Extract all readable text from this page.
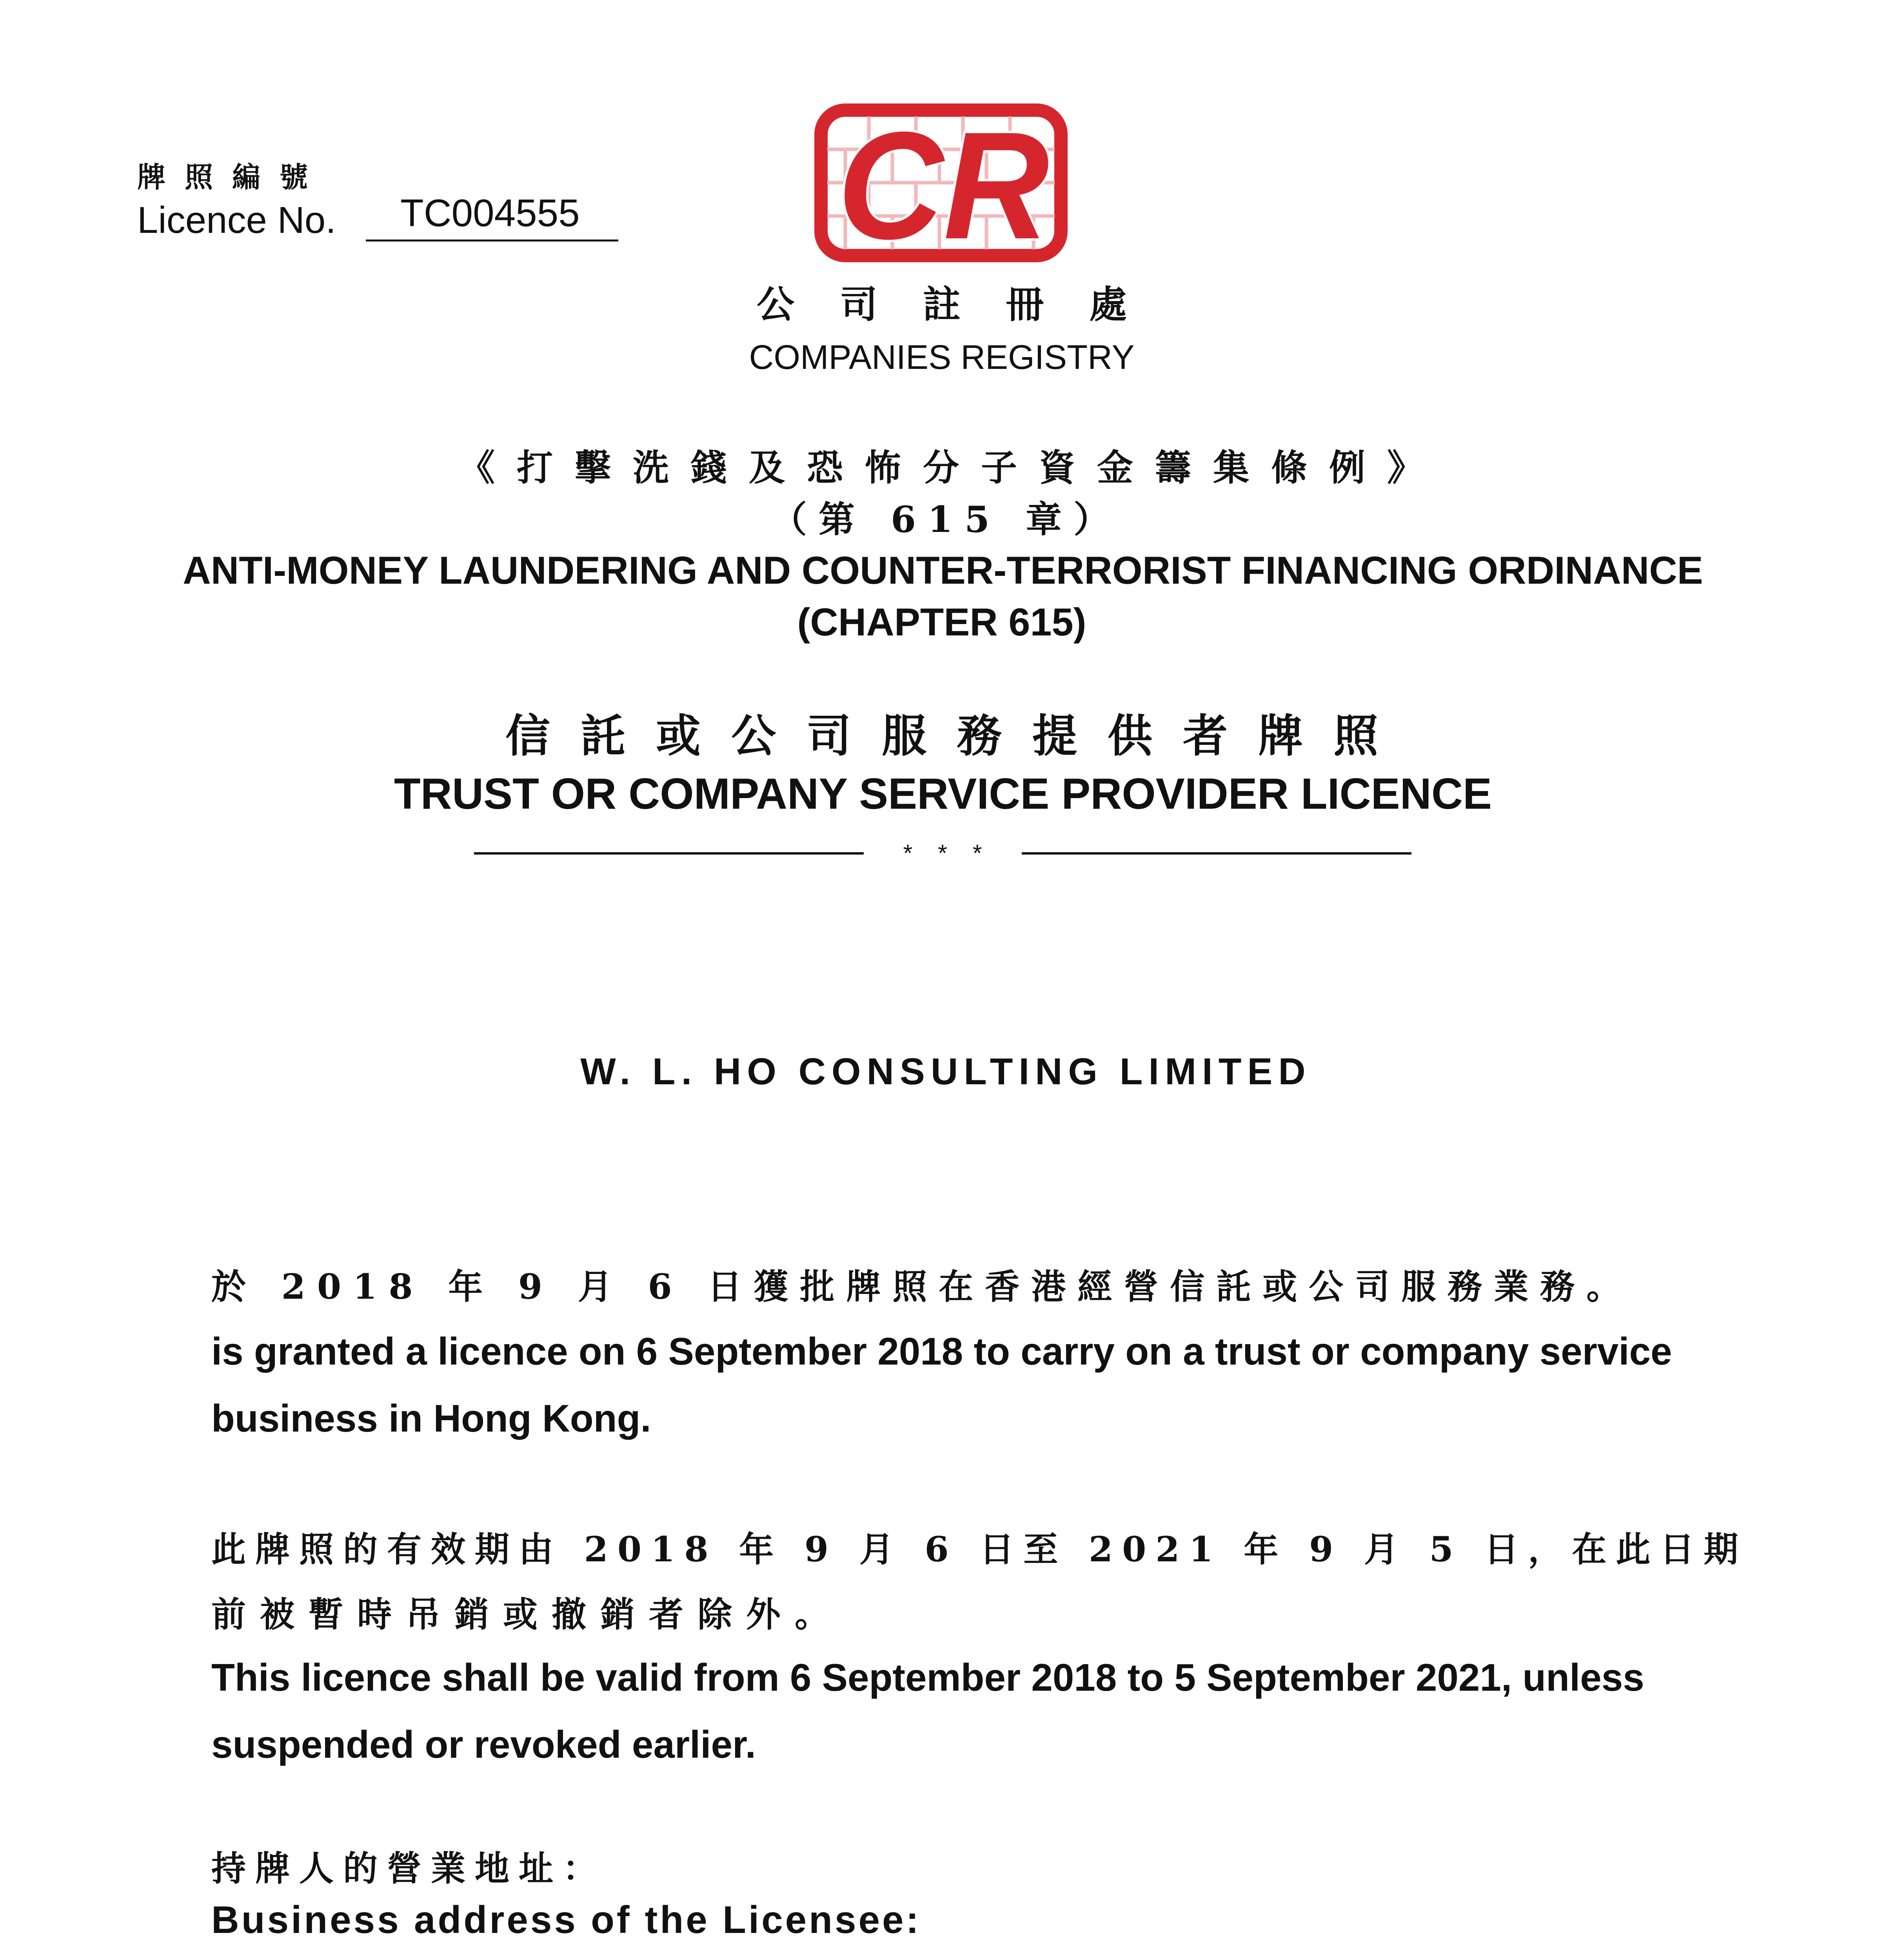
牌照編號
Licence No. TC004555 CR
公司註冊處
COMPANIES REGISTRY
《打擊洗錢及恐怖分子資金籌集條例》
（第 615 章）
ANTI-MONEY LAUNDERING AND COUNTER-TERRORIST FINANCING ORDINANCE
(CHAPTER 615)
信託或公司服務提供者牌照
TRUST OR COMPANY SERVICE PROVIDER LICENCE
* * *
W. L. HO CONSULTING LIMITED
於 2018 年 9 月 6 日獲批牌照在香港經營信託或公司服務業務。
is granted a licence on 6 September 2018 to carry on a trust or company service
business in Hong Kong.
此牌照的有效期由 2018 年 9 月 6 日至 2021 年 9 月 5 日，在此日期
前被暫時吊銷或撤銷者除外。
This licence shall be valid from 6 September 2018 to 5 September 2021, unless
suspended or revoked earlier.
持牌人的營業地址：
Business address of the Licensee:
